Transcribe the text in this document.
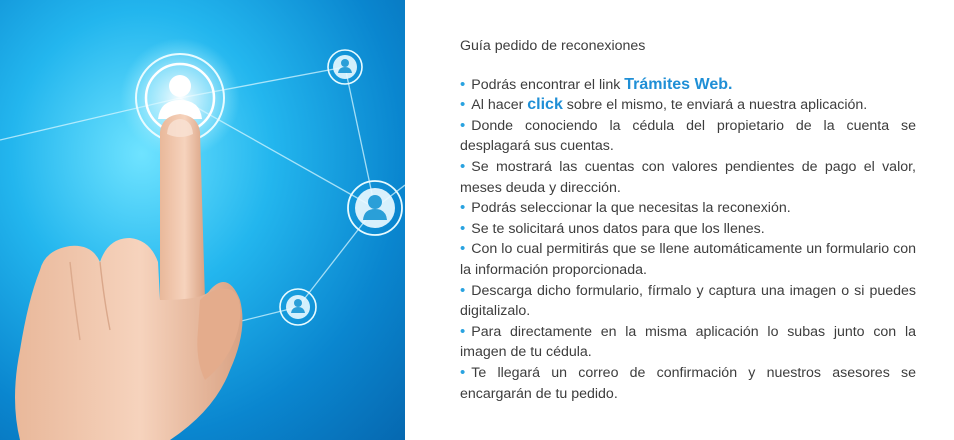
Guía pedido de reconexiones

• Podrás encontrar el link Trámites Web.
• Al hacer click sobre el mismo, te enviará a nuestra aplicación.
• Donde conociendo la cédula del propietario de la cuenta se desplagará sus cuentas.
• Se mostrará las cuentas con valores pendientes de pago el valor, meses deuda y dirección.
• Podrás seleccionar la que necesitas la reconexión.
• Se te solicitará unos datos para que los llenes.
• Con lo cual permitirás que se llene automáticamente un formulario con la información proporcionada.
• Descarga dicho formulario, fírmalo y captura una imagen o si puedes digitalizalo.
• Para directamente en la misma aplicación lo subas junto con la imagen de tu cédula.
• Te llegará un correo de confirmación y nuestros asesores se encargarán de tu pedido.
